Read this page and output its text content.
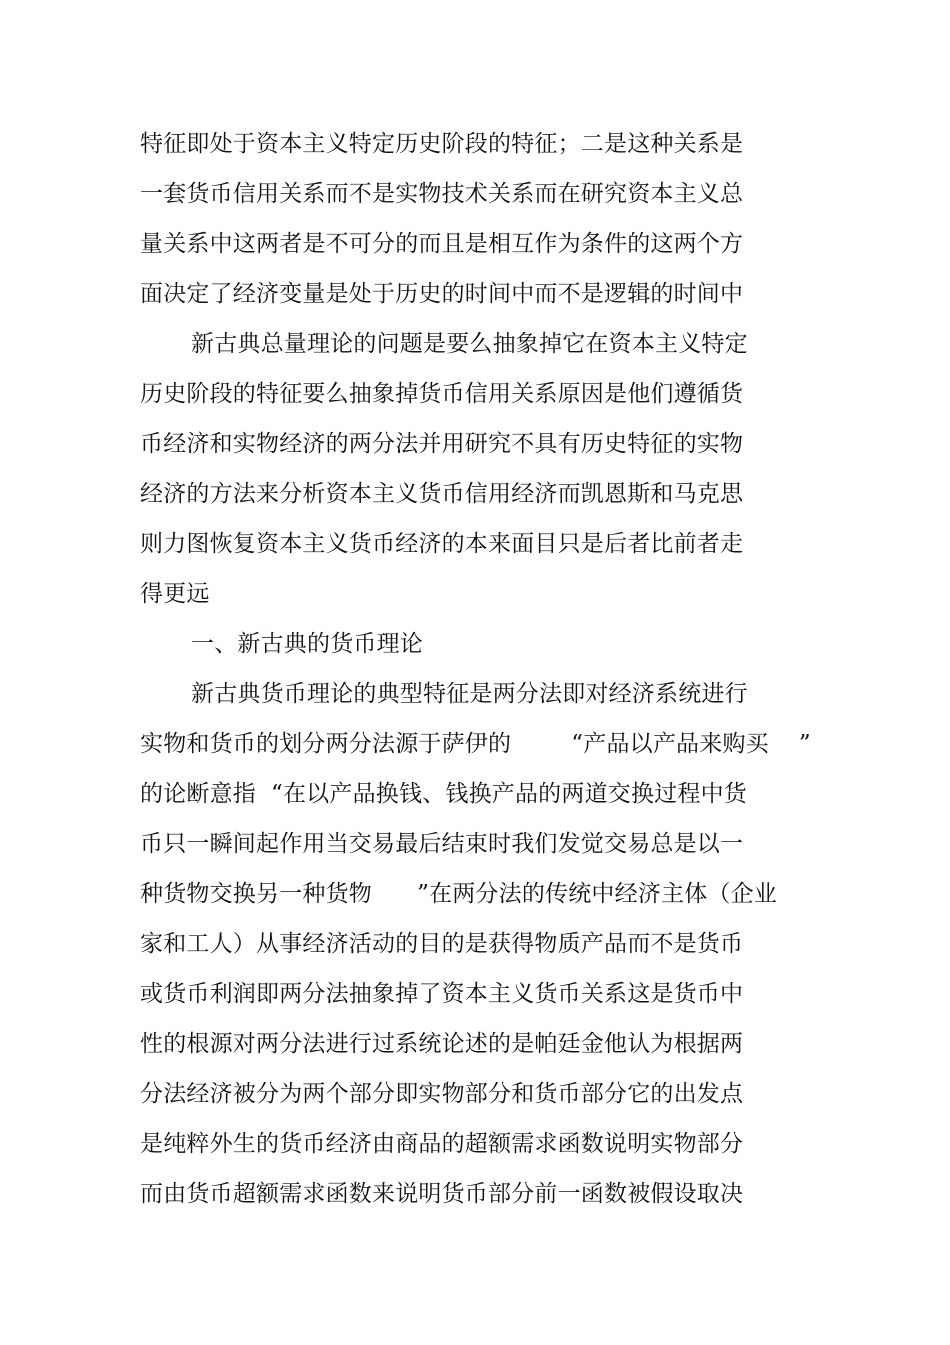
特征即处于资本主义特定历史阶段的特征；二是这种关系是
一套货币信用关系而不是实物技术关系而在研究资本主义总
量关系中这两者是不可分的而且是相互作为条件的这两个方
面决定了经济变量是处于历史的时间中而不是逻辑的时间中
新古典总量理论的问题是要么抽象掉它在资本主义特定
历史阶段的特征要么抽象掉货币信用关系原因是他们遵循货
币经济和实物经济的两分法并用研究不具有历史特征的实物
经济的方法来分析资本主义货币信用经济而凯恩斯和马克思
则力图恢复资本主义货币经济的本来面目只是后者比前者走
得更远
一、新古典的货币理论
新古典货币理论的典型特征是两分法即对经济系统进行
实物和货币的划分两分法源于萨伊的        “产品以产品来购买    ”
的论断意指  “在以产品换钱、钱换产品的两道交换过程中货
币只一瞬间起作用当交易最后结束时我们发觉交易总是以一
种货物交换另一种货物      ”在两分法的传统中经济主体（企业
家和工人）从事经济活动的目的是获得物质产品而不是货币
或货币利润即两分法抽象掉了资本主义货币关系这是货币中
性的根源对两分法进行过系统论述的是帕廷金他认为根据两
分法经济被分为两个部分即实物部分和货币部分它的出发点
是纯粹外生的货币经济由商品的超额需求函数说明实物部分
而由货币超额需求函数来说明货币部分前一函数被假设取决
